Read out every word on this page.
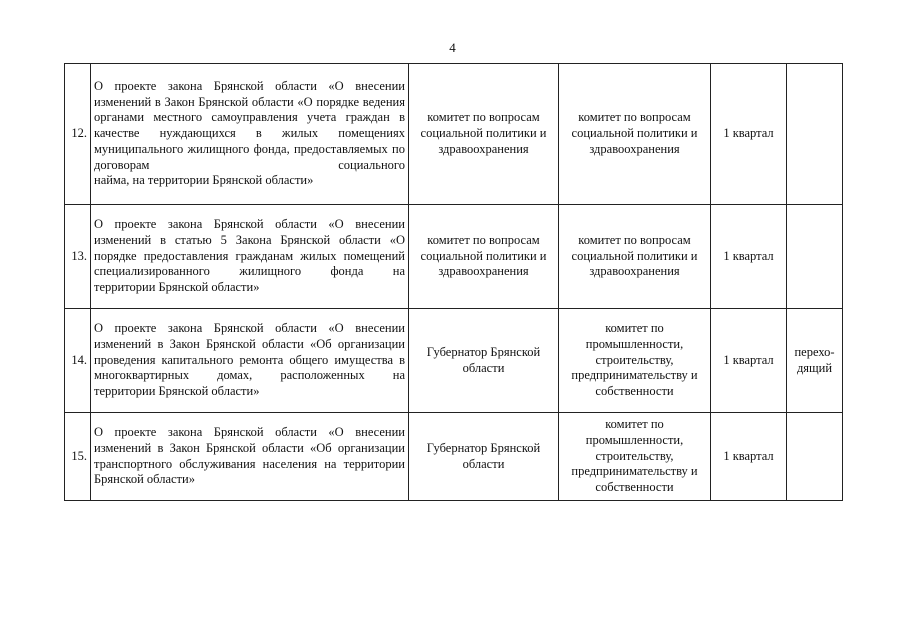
4
12.	О проекте закона Брянской области «О внесении изменений в Закон Брянской области «О порядке ведения органами местного самоуправления учета граждан в качестве нуждающихся в жилых помещениях муниципального жилищного фонда, предоставляемых по договорам социального
найма, на территории Брянской области»	комитет по вопросам социальной политики и здравоохранения	комитет по вопросам социальной политики и здравоохранения	1 квартал	
13.	О проекте закона Брянской области «О внесении изменений в статью 5 Закона Брянской области «О порядке предоставления гражданам жилых помещений специализированного жилищного фонда на
территории Брянской области»	комитет по вопросам социальной политики и здравоохранения	комитет по вопросам социальной политики и здравоохранения	1 квартал	
14.	О проекте закона Брянской области «О внесении изменений в Закон Брянской области «Об организации проведения капитального ремонта общего имущества в многоквартирных домах, расположенных на
территории Брянской области»	Губернатор Брянской области	комитет по промышленности, строительству, предпринимательству и собственности	1 квартал	перехо-дящий
15.	О проекте закона Брянской области «О внесении изменений в Закон Брянской области «Об организации транспортного обслуживания населения на территории
Брянской области»	Губернатор Брянской области	комитет по промышленности, строительству, предпринимательству и собственности	1 квартал	
